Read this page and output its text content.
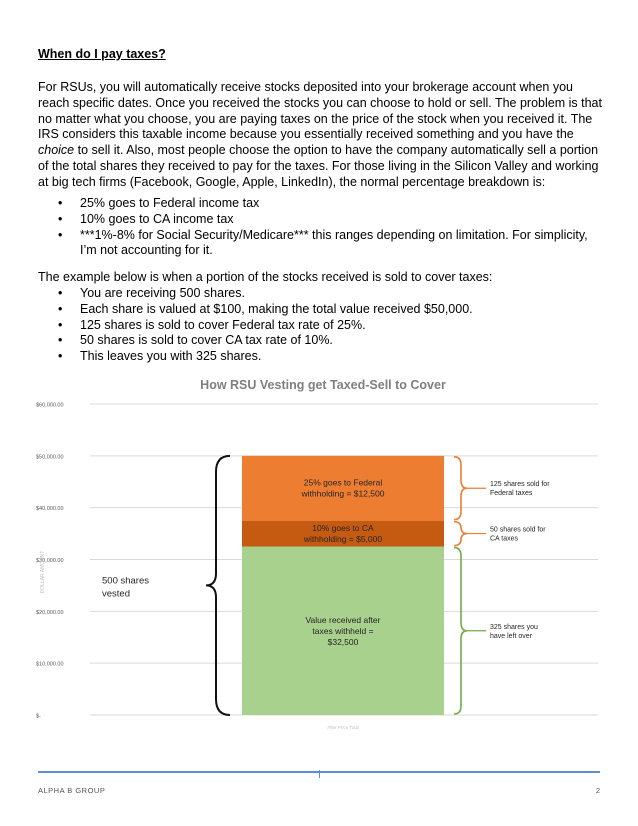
When do I pay taxes?
For RSUs, you will automatically receive stocks deposited into your brokerage account when you reach specific dates. Once you received the stocks you can choose to hold or sell. The problem is that no matter what you choose, you are paying taxes on the price of the stock when you received it. The IRS considers this taxable income because you essentially received something and you have the choice to sell it. Also, most people choose the option to have the company automatically sell a portion of the total shares they received to pay for the taxes. For those living in the Silicon Valley and working at big tech firms (Facebook, Google, Apple, LinkedIn), the normal percentage breakdown is:
• 25% goes to Federal income tax
• 10% goes to CA income tax
• ***1%-8% for Social Security/Medicare*** this ranges depending on limitation. For simplicity, I’m not accounting for it.
The example below is when a portion of the stocks received is sold to cover taxes:
• You are receiving 500 shares.
• Each share is valued at $100, making the total value received $50,000.
• 125 shares is sold to cover Federal tax rate of 25%.
• 50 shares is sold to cover CA tax rate of 10%.
• This leaves you with 325 shares.
How RSU Vesting get Taxed-Sell to Cover
$-
$10,000.00
$20,000.00
$30,000.00
$40,000.00
$50,000.00
$60,000.00
DOLLAR AMOUNT
Value received after
taxes withheld =
$32,500
10% goes to CA
withholding = $5,000
25% goes to Federal
withholding = $12,500
After Price Total
500 shares
vested
125 shares sold for
Federal taxes
50 shares sold for
CA taxes
325 shares you
have left over
ALPHA B GROUP	2
